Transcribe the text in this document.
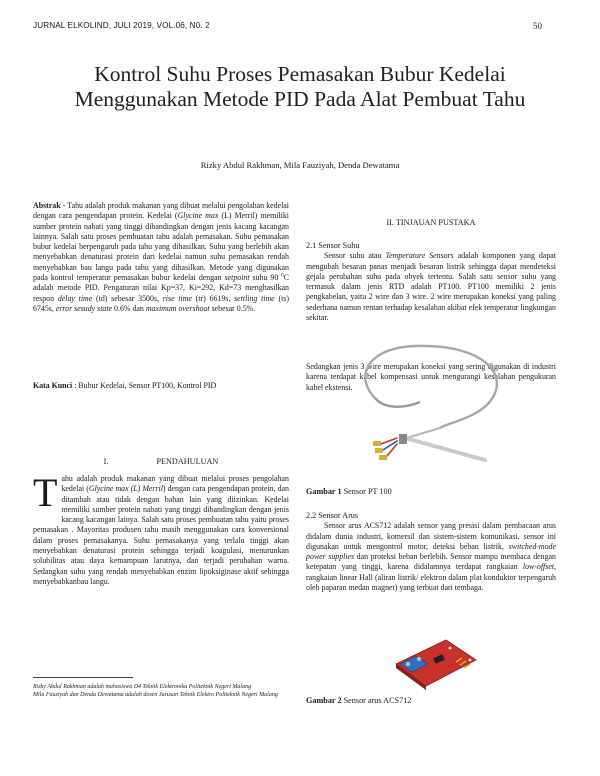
JURNAL ELKOLIND, JULI 2019, VOL.06, N0. 2	50
Kontrol Suhu Proses Pemasakan Bubur Kedelai
Menggunakan Metode PID Pada Alat Pembuat Tahu
Rizky Abdul Rakhman, Mila Fauziyah, Denda Dewatama

Abstrak - Tahu adalah produk makanan yang dibuat melalui pengolahan kedelai dengan cara pengendapan protein. Kedelai (Glycine max (L) Merril) memiliki sumber protein nabati yang tinggi dibandingkan dengan jenis kacang kacangan lainnya. Salah satu proses pembuatan tahu adalah pemasakan. Suhu pemasakan bubur kedelai berpengaruh pada tahu yang dihasilkan. Suhu yang berlebih akan menyebabkan denaturasi protein dari kedelai namun suhu pemasakan rendah menyebabkan bau langu pada tahu yang dihasilkan. Metode yang digunakan pada kontrol temperatur pemasakan bubur kedelai dengan setpoint suhu 90 $^0$C adalah metode PID. Pengaturan nilai Kp=37, Ki=292, Kd=73 menghasilkan respon delay time (td) sebesar 3500s, rise time (tr) 6619s, settling time (ts) 6745s, error sesudy state 0.6% dan maximum overshoot sebesar 0.5%.

Kata Kunci : Bubur Kedelai, Sensor PT100, Kontrol PID

I.	PENDAHULUAN

Tahu adalah produk makanan yang dibuat melalui proses pengolahan kedelai (Glycine max (L) Merril) dengan cara pengendapan protein, dan ditambah atau tidak dengan bahan lain yang diizinkan. Kedelai memiliki sumber protein nabati yang tinggi dibandingkan dengan jenis kacang kacangan lainya. Salah satu proses pembuatan tahu yaitu proses pemasakan . Mayoritas produsen tahu masih menggunakan cara konversional dalam proses pemasakanya. Suhu pemasakanya yang terlalu tinggi akan menyebabkan denaturasi protein sehingga terjadi koagulasi, menurunkan solubilitas atau daya kemampuan larutnya, dan terjadi perubahan warna. Sedangkan suhu yang rendah menyebabkan enzim lipoksiginase aktif sehingga menyebabkanbau langu.

Rizky Abdul Rakhman adalah mahasiswa D4 Teknik Elektronika Politeknik Negeri Malang

Mila Fauziyah dan Denda Dewatama adalah dosen Jurusan Teknik Elektro Politeknik Negeri Malang

II. TINJAUAN PUSTAKA

2.1 Sensor Suhu

Sensor suhu atau Temperature Sensors adalah komponen yang dapat mengubah besaran panas menjadi besaran listrik sehingga dapat mendeteksi gejala perubahan suhu pada obyek tertentu. Salah satu sensor suhu yang termasuk dalam jenis RTD adalah PT100. PT100 memiliki 2 jenis pengkabelan, yaitu 2 wire dan 3 wire. 2 wire merupakan koneksi yang paling sederhana namun rentan terhadap kesalahan akibat efek temperatur lingkungan sekitar.

Sedangkan jenis 3 wire merupakan koneksi yang sering digunakan di industri karena terdapat kabel kompensasi untuk mengurangi kesalahan pengukuran kabel ekstensi.

Gambar 1 Sensor PT 100

2.2 Sensor Arus

Sensor arus ACS712 adalah sensor yang presisi dalam pembacaan arus didalam dunia industri, komersil dan sistem-sistem komunikasi. sensor ini digunakan untuk mengontrol motor, deteksi beban listrik, switched-mode power supplies dan proteksi beban berlebih. Sensor mampu membaca dengan ketepatan yang tinggi, karena didalamnya terdapat rangkaian low-offset, rangkaian linear Hall (aliran listrik/ elektron dalam plat konduktor terpengaruh oleh paparan medan magnet) yang terbuat dari tembaga.

Gambar 2 Sensor arus ACS712
